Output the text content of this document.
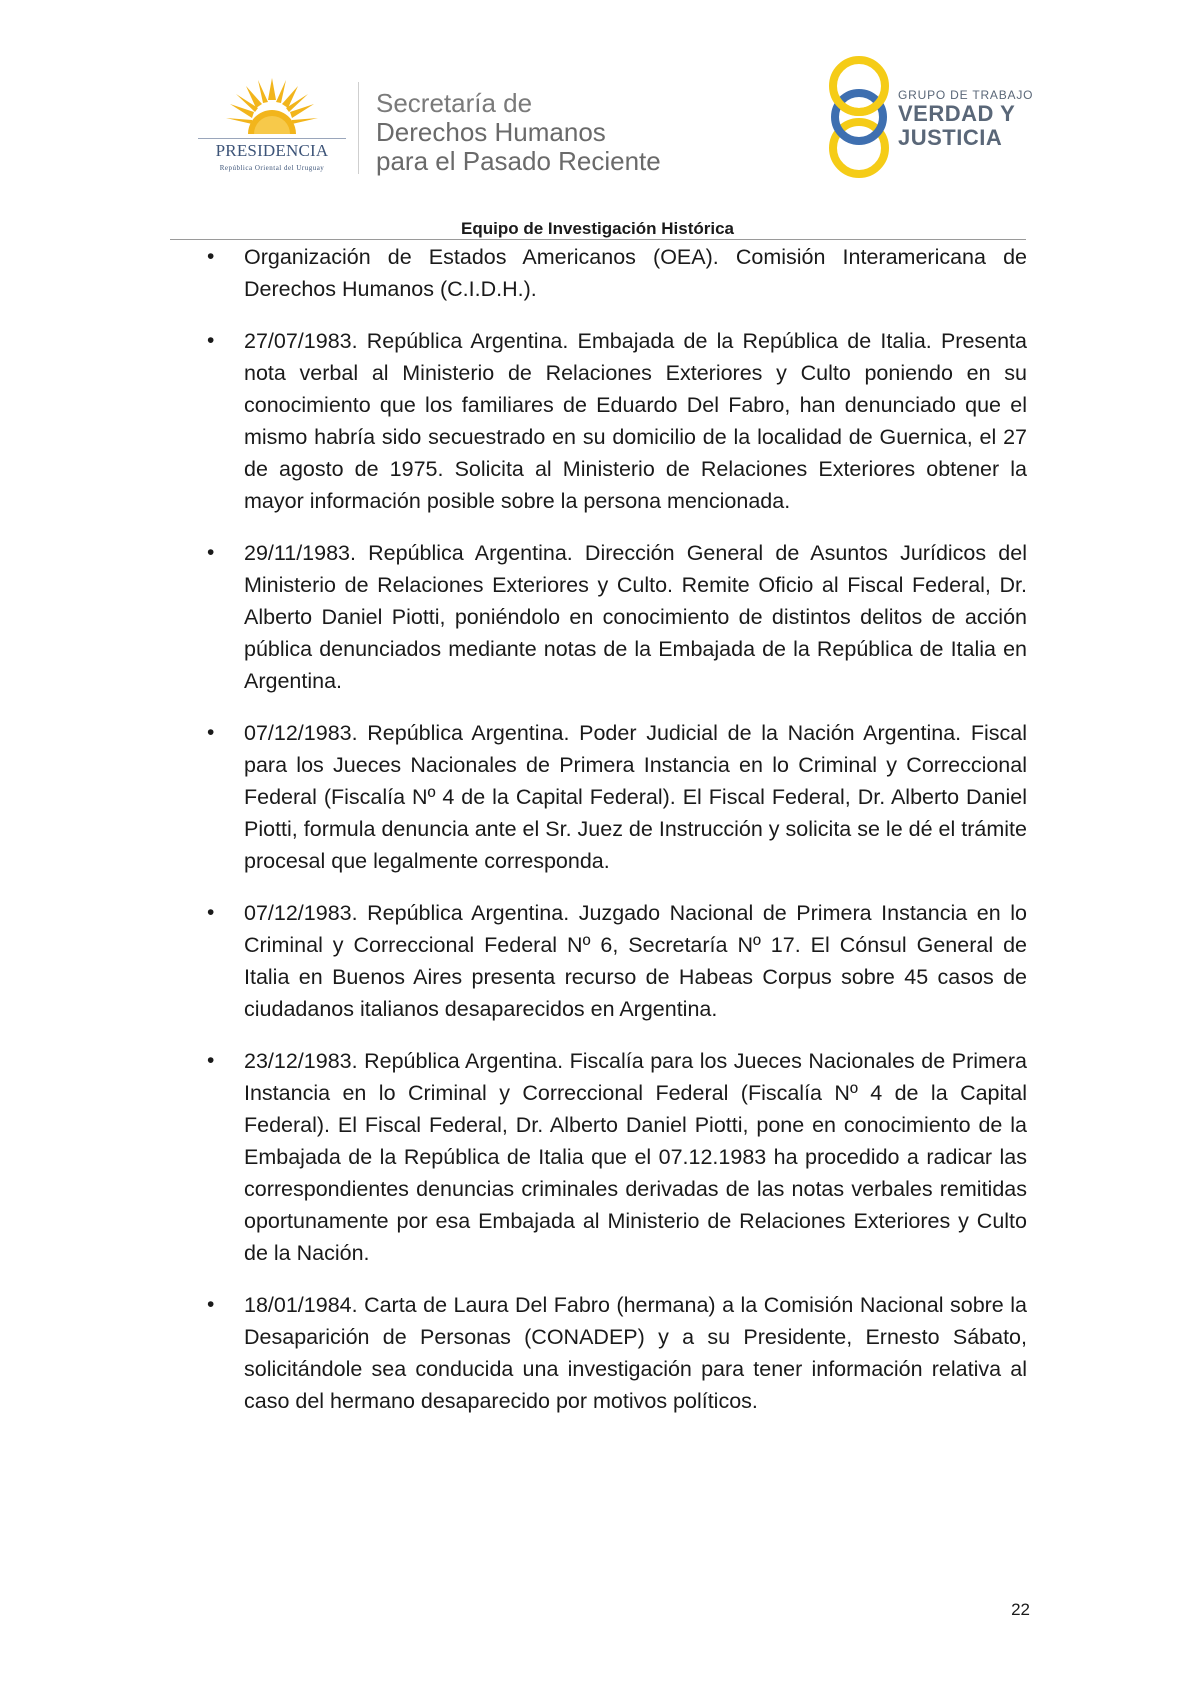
PRESIDENCIA
República Oriental del Uruguay
Secretaría de
Derechos Humanos
para el Pasado Reciente
GRUPO DE TRABAJO
VERDAD Y
JUSTICIA
Equipo de Investigación Histórica
• Organización de Estados Americanos (OEA). Comisión Interamericana de Derechos Humanos (C.I.D.H.).
• 27/07/1983. República Argentina. Embajada de la República de Italia. Presenta nota verbal al Ministerio de Relaciones Exteriores y Culto poniendo en su conocimiento que los familiares de Eduardo Del Fabro, han denunciado que el mismo habría sido secuestrado en su domicilio de la localidad de Guernica, el 27 de agosto de 1975. Solicita al Ministerio de Relaciones Exteriores obtener la mayor información posible sobre la persona mencionada.
• 29/11/1983. República Argentina. Dirección General de Asuntos Jurídicos del Ministerio de Relaciones Exteriores y Culto. Remite Oficio al Fiscal Federal, Dr. Alberto Daniel Piotti, poniéndolo en conocimiento de distintos delitos de acción pública denunciados mediante notas de la Embajada de la República de Italia en Argentina.
• 07/12/1983. República Argentina. Poder Judicial de la Nación Argentina. Fiscal para los Jueces Nacionales de Primera Instancia en lo Criminal y Correccional Federal (Fiscalía Nº 4 de la Capital Federal). El Fiscal Federal, Dr. Alberto Daniel Piotti, formula denuncia ante el Sr. Juez de Instrucción y solicita se le dé el trámite procesal que legalmente corresponda.
• 07/12/1983. República Argentina. Juzgado Nacional de Primera Instancia en lo Criminal y Correccional Federal Nº 6, Secretaría Nº 17. El Cónsul General de Italia en Buenos Aires presenta recurso de Habeas Corpus sobre 45 casos de ciudadanos italianos desaparecidos en Argentina.
• 23/12/1983. República Argentina. Fiscalía para los Jueces Nacionales de Primera Instancia en lo Criminal y Correccional Federal (Fiscalía Nº 4 de la Capital Federal). El Fiscal Federal, Dr. Alberto Daniel Piotti, pone en conocimiento de la Embajada de la República de Italia que el 07.12.1983 ha procedido a radicar las correspondientes denuncias criminales derivadas de las notas verbales remitidas oportunamente por esa Embajada al Ministerio de Relaciones Exteriores y Culto de la Nación.
• 18/01/1984. Carta de Laura Del Fabro (hermana) a la Comisión Nacional sobre la Desaparición de Personas (CONADEP) y a su Presidente, Ernesto Sábato, solicitándole sea conducida una investigación para tener información relativa al caso del hermano desaparecido por motivos políticos.
22
